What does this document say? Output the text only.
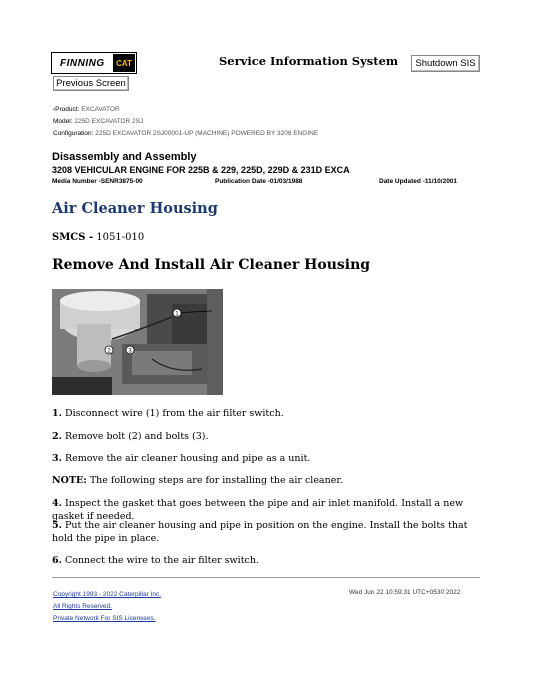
FINNING	CAT	Service Information System	Shutdown SIS
Previous Screen
‹Product: EXCAVATOR
Model: 225D EXCAVATOR 2SJ
Configuration: 225D EXCAVATOR 2SJ00001-UP (MACHINE) POWERED BY 3208 ENGINE
Disassembly and Assembly
3208 VEHICULAR ENGINE FOR 225B & 229, 225D, 229D & 231D EXCA
Media Number -SENR3875-00	Publication Date -01/03/1988	Date Updated -11/10/2001
Air Cleaner Housing
SMCS - 1051-010
Remove And Install Air Cleaner Housing
1
2	3
1. Disconnect wire (1) from the air filter switch.
2. Remove bolt (2) and bolts (3).
3. Remove the air cleaner housing and pipe as a unit.
NOTE: The following steps are for installing the air cleaner.
4. Inspect the gasket that goes between the pipe and air inlet manifold. Install a new gasket if needed.
5. Put the air cleaner housing and pipe in position on the engine. Install the bolts that hold the pipe in place.
6. Connect the wire to the air filter switch.
Copyright 1993 - 2022 Caterpillar Inc.
All Rights Reserved.
Private Network For SIS Licensees.
Wed Jun 22 10:59:31 UTC+0530 2022
